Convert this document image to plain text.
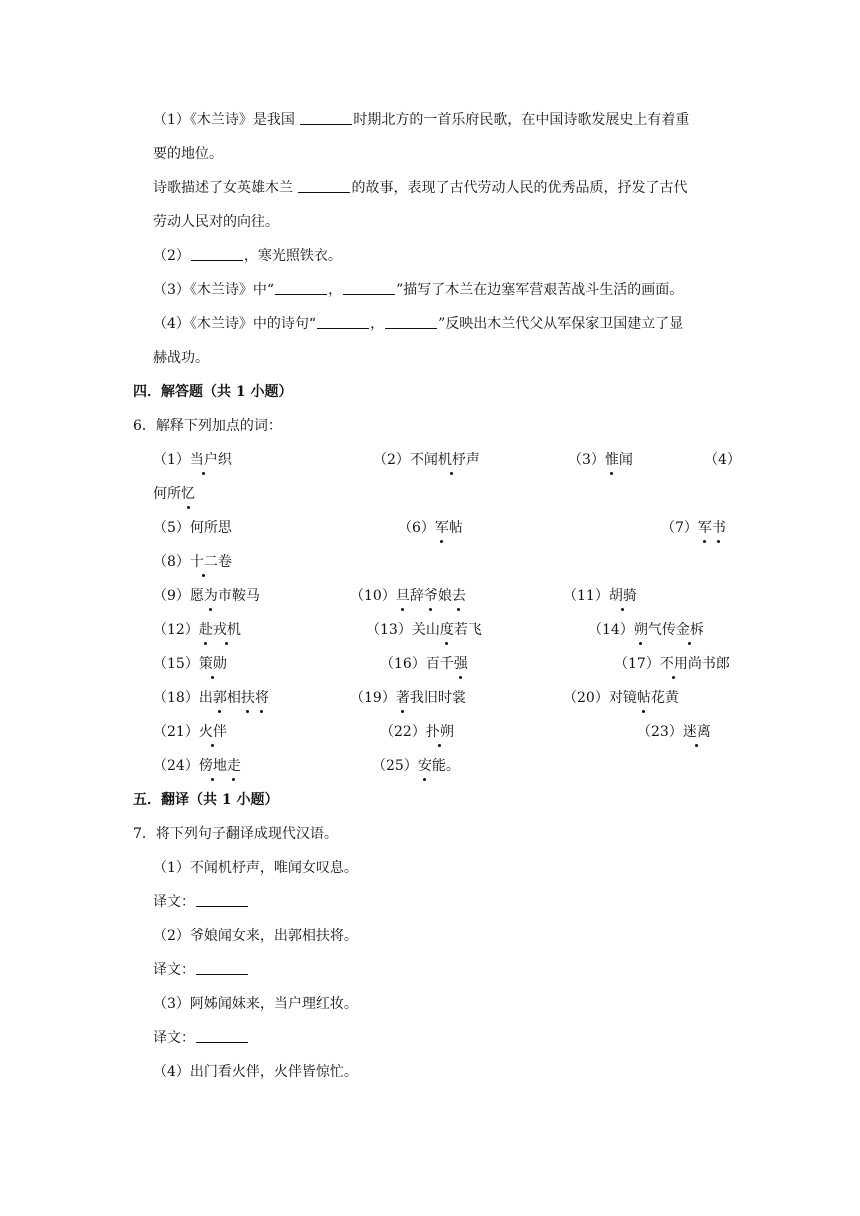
（1）《木兰诗》是我国	时期北方的一首乐府民歌，在中国诗歌发展史上有着重
要的地位。
诗歌描述了女英雄木兰	的故事，表现了古代劳动人民的优秀品质，抒发了古代
劳动人民对的向往。
（2）	，寒光照铁衣。
（3）《木兰诗》中“	，	”描写了木兰在边塞军营艰苦战斗生活的画面。
（4）《木兰诗》中的诗句“	，	”反映出木兰代父从军保家卫国建立了显
赫战功。
四．解答题（共 1 小题）
6．解释下列加点的词：
（1）当户织	（2）不闻机杼声	（3）惟闻	（4）
何所忆
（5）何所思	（6）军帖	（7）军书
（8）十二卷
（9）愿为市鞍马	（10）旦辞爷娘去	（11）胡骑
（12）赴戎机	（13）关山度若飞	（14）朔气传金柝
（15）策勋	（16）百千强	（17）不用尚书郎
（18）出郭相扶将	（19）著我旧时裳	（20）对镜帖花黄
（21）火伴	（22）扑朔	（23）迷离
（24）傍地走	（25）安能。
五．翻译（共 1 小题）
7．将下列句子翻译成现代汉语。
（1）不闻机杼声，唯闻女叹息。
译文：
（2）爷娘闻女来，出郭相扶将。
译文：
（3）阿姊闻妹来，当户理红妆。
译文：
（4）出门看火伴，火伴皆惊忙。
